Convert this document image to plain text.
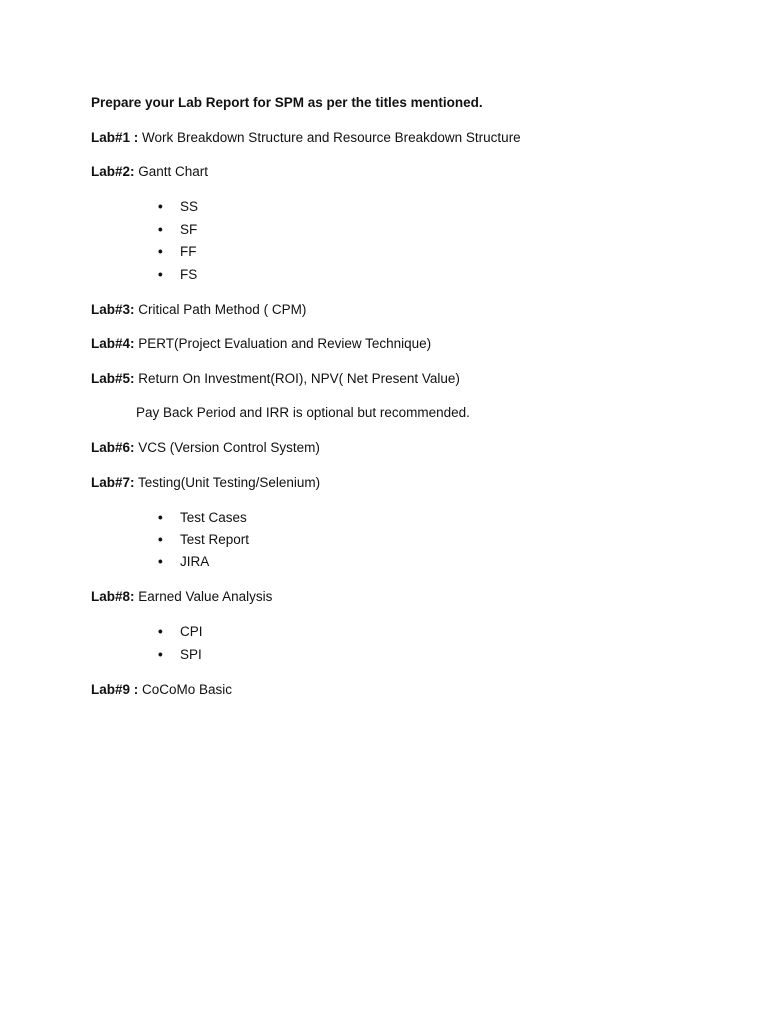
Prepare your Lab Report for SPM as per the titles mentioned.
Lab#1 : Work Breakdown Structure and Resource Breakdown Structure
Lab#2: Gantt Chart
• SS
• SF
• FF
• FS
Lab#3: Critical Path Method ( CPM)
Lab#4: PERT(Project Evaluation and Review Technique)
Lab#5: Return On Investment(ROI), NPV( Net Present Value)
Pay Back Period and IRR is optional but recommended.
Lab#6: VCS (Version Control System)
Lab#7: Testing(Unit Testing/Selenium)
• Test Cases
• Test Report
• JIRA
Lab#8: Earned Value Analysis
• CPI
• SPI
Lab#9 : CoCoMo Basic
